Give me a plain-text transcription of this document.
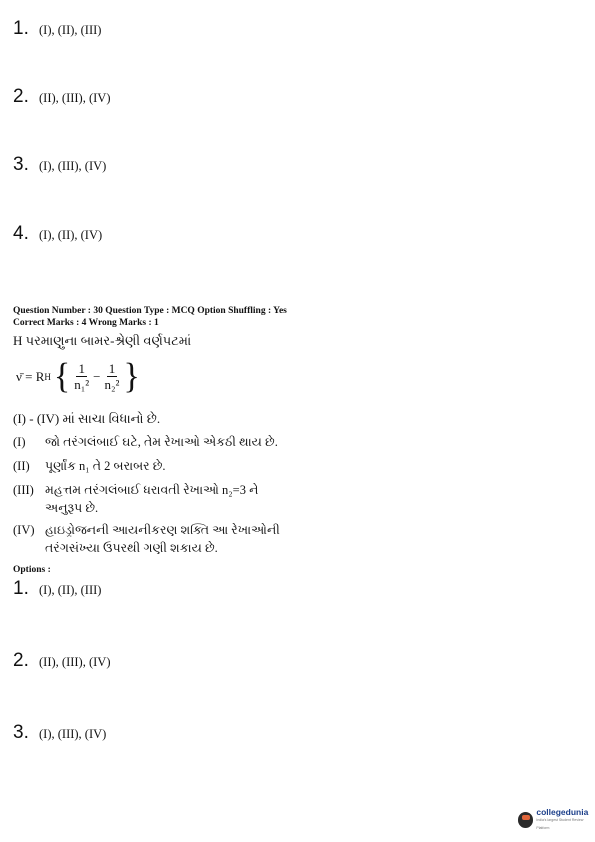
1. (I), (II), (III)
2. (II), (III), (IV)
3. (I), (III), (IV)
4. (I), (II), (IV)
Question Number : 30 Question Type : MCQ Option Shuffling : Yes
Correct Marks : 4 Wrong Marks : 1
H પરમાણુના બામર-શ્રેણી વર્ણપટમાં
ν̄ = R H { $\frac{1}{\text{n₁²}} - \frac{1}{\text{n₂²}}$ }
(I) - (IV) માં સાચા વિધાનો છે.
(I)	જો તરંગલંબાઈ ઘટે, તેમ રેખાઓ એકઠી થાય છે.
(II)	પૂર્ણાંક n₁ તે 2 બરાબર છે.
(III) મહત્તમ તરંગલંબાઈ ધરાવતી રેખાઓ n₂=3 ને
અનુરૂપ છે.
(IV) હાઇડ્રોજનની આયનીકરણ શક્તિ આ રેખાઓની
તરંગસંખ્યા ઉપરથી ગણી શકાય છે.
Options :
1. (I), (II), (III)
2. (II), (III), (IV)
3. (I), (III), (IV)
collegedunia
India's largest Student Review Platform
